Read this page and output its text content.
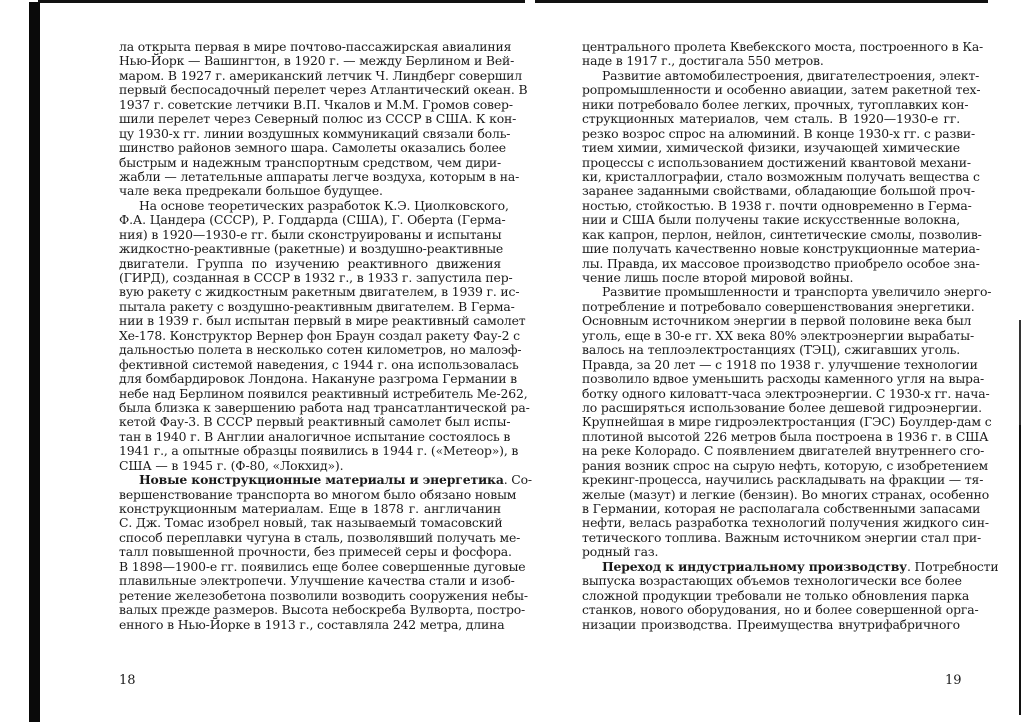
ла открыта первая в мире почтово-пассажирская авиалиния
Нью-Йорк — Вашингтон, в 1920 г. — между Берлином и Вей-
маром. В 1927 г. американский летчик Ч. Линдберг совершил
первый беспосадочный перелет через Атлантический океан. В
1937 г. советские летчики В.П. Чкалов и М.М. Громов совер-
шили перелет через Северный полюс из СССР в США. К кон-
цу 1930-х гг. линии воздушных коммуникаций связали боль-
шинство районов земного шара. Самолеты оказались более
быстрым и надежным транспортным средством, чем дири-
жабли — летательные аппараты легче воздуха, которым в на-
чале века предрекали большое будущее.
На основе теоретических разработок К.Э. Циолковского,
Ф.А. Цандера (СССР), Р. Годдарда (США), Г. Оберта (Герма-
ния) в 1920—1930-е гг. были сконструированы и испытаны
жидкостно-реактивные (ракетные) и воздушно-реактивные
двигатели. Группа по изучению реактивного движения
(ГИРД), созданная в СССР в 1932 г., в 1933 г. запустила пер-
вую ракету с жидкостным ракетным двигателем, в 1939 г. ис-
пытала ракету с воздушно-реактивным двигателем. В Герма-
нии в 1939 г. был испытан первый в мире реактивный самолет
Хе-178. Конструктор Вернер фон Браун создал ракету Фау-2 с
дальностью полета в несколько сотен километров, но малоэф-
фективной системой наведения, с 1944 г. она использовалась
для бомбардировок Лондона. Накануне разгрома Германии в
небе над Берлином появился реактивный истребитель Ме-262,
была близка к завершению работа над трансатлантической ра-
кетой Фау-3. В СССР первый реактивный самолет был испы-
тан в 1940 г. В Англии аналогичное испытание состоялось в
1941 г., а опытные образцы появились в 1944 г. («Метеор»), в
США — в 1945 г. (Ф-80, «Локхид»).
Новые конструкционные материалы и энергетика. Со-
вершенствование транспорта во многом было обязано новым
конструкционным материалам. Еще в 1878 г. англичанин
С. Дж. Томас изобрел новый, так называемый томасовский
способ переплавки чугуна в сталь, позволявший получать ме-
талл повышенной прочности, без примесей серы и фосфора.
В 1898—1900-е гг. появились еще более совершенные дуговые
плавильные электропечи. Улучшение качества стали и изоб-
ретение железобетона позволили возводить сооружения небы-
валых прежде размеров. Высота небоскреба Вулворта, постро-
енного в Нью-Йорке в 1913 г., составляла 242 метра, длина
центрального пролета Квебекского моста, построенного в Ка-
наде в 1917 г., достигала 550 метров.
Развитие автомобилестроения, двигателестроения, элект-
ропромышленности и особенно авиации, затем ракетной тех-
ники потребовало более легких, прочных, тугоплавких кон-
струкционных материалов, чем сталь. В 1920—1930-е гг.
резко возрос спрос на алюминий. В конце 1930-х гг. с разви-
тием химии, химической физики, изучающей химические
процессы с использованием достижений квантовой механи-
ки, кристаллографии, стало возможным получать вещества с
заранее заданными свойствами, обладающие большой проч-
ностью, стойкостью. В 1938 г. почти одновременно в Герма-
нии и США были получены такие искусственные волокна,
как капрон, перлон, нейлон, синтетические смолы, позволив-
шие получать качественно новые конструкционные материа-
лы. Правда, их массовое производство приобрело особое зна-
чение лишь после второй мировой войны.
Развитие промышленности и транспорта увеличило энерго-
потребление и потребовало совершенствования энергетики.
Основным источником энергии в первой половине века был
уголь, еще в 30-е гг. XX века 80% электроэнергии вырабаты-
валось на теплоэлектростанциях (ТЭЦ), сжигавших уголь.
Правда, за 20 лет — с 1918 по 1938 г. улучшение технологии
позволило вдвое уменьшить расходы каменного угля на выра-
ботку одного киловатт-часа электроэнергии. С 1930-х гг. нача-
ло расширяться использование более дешевой гидроэнергии.
Крупнейшая в мире гидроэлектростанция (ГЭС) Боулдер-дам с
плотиной высотой 226 метров была построена в 1936 г. в США
на реке Колорадо. С появлением двигателей внутреннего сго-
рания возник спрос на сырую нефть, которую, с изобретением
крекинг-процесса, научились раскладывать на фракции — тя-
желые (мазут) и легкие (бензин). Во многих странах, особенно
в Германии, которая не располагала собственными запасами
нефти, велась разработка технологий получения жидкого син-
тетического топлива. Важным источником энергии стал при-
родный газ.
Переход к индустриальному производству. Потребности
выпуска возрастающих объемов технологически все более
сложной продукции требовали не только обновления парка
станков, нового оборудования, но и более совершенной орга-
низации производства. Преимущества внутрифабричного
18	19
